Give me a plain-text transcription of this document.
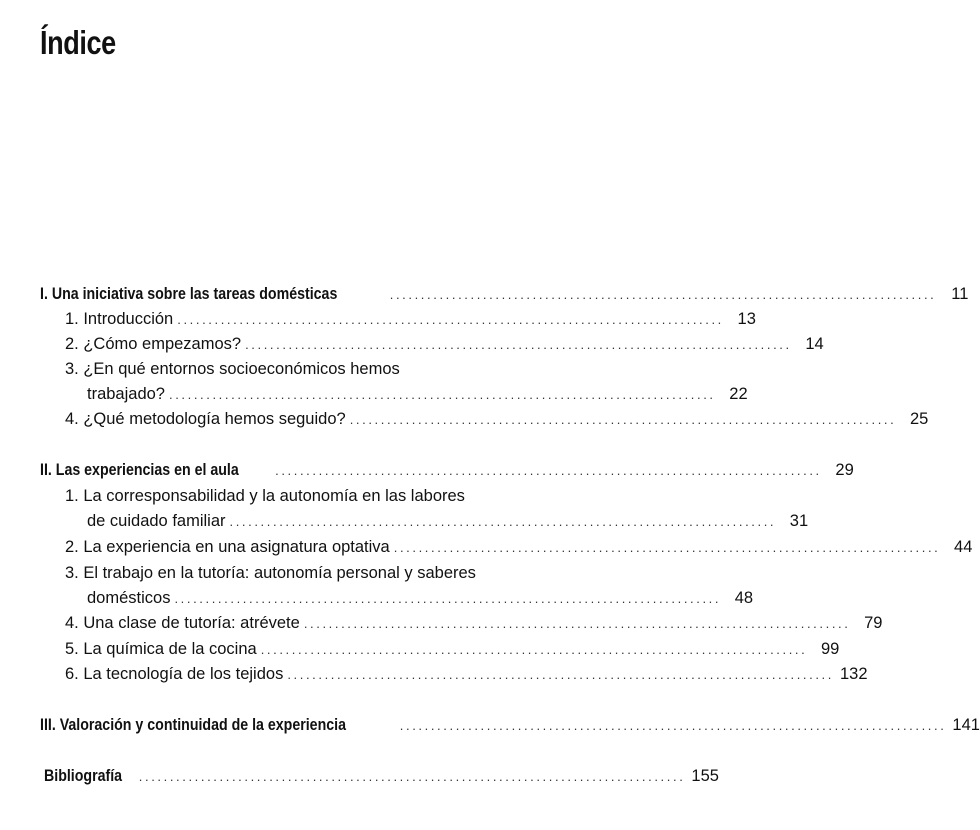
Índice
I. Una iniciativa sobre las tareas domésticas	........................................................................................ 11
1. Introducción ........................................................................................ 13
2. ¿Cómo empezamos? ........................................................................................ 14
3. ¿En qué entornos socioeconómicos hemos
trabajado? ........................................................................................ 22
4. ¿Qué metodología hemos seguido? ........................................................................................ 25
II. Las experiencias en el aula	........................................................................................ 29
1. La corresponsabilidad y la autonomía en las labores
de cuidado familiar ........................................................................................ 31
2. La experiencia en una asignatura optativa ........................................................................................ 44
3. El trabajo en la tutoría: autonomía personal y saberes
domésticos ........................................................................................ 48
4. Una clase de tutoría: atrévete ........................................................................................ 79
5. La química de la cocina ........................................................................................ 99
6. La tecnología de los tejidos ........................................................................................ 132
III. Valoración y continuidad de la experiencia	........................................................................................ 141
Bibliografía ........................................................................................ 155
